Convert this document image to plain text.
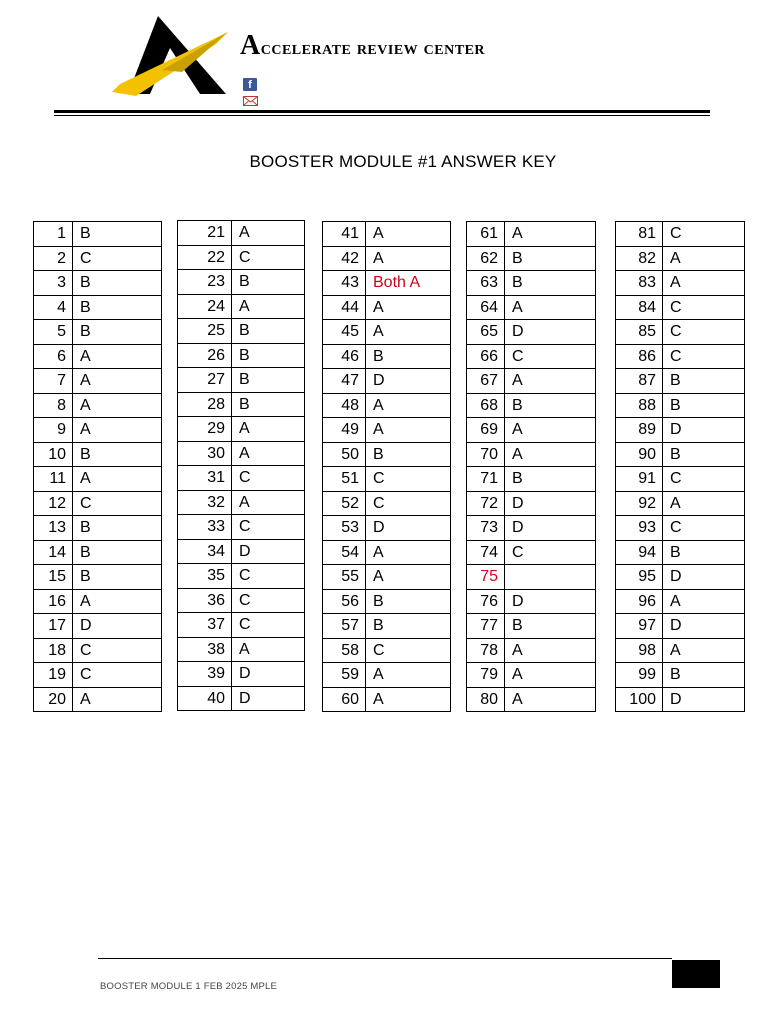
Accelerate review center
f
BOOSTER MODULE #1 ANSWER KEY
1	B
2	C
3	B
4	B
5	B
6	A
7	A
8	A
9	A
10	B
11	A
12	C
13	B
14	B
15	B
16	A
17	D
18	C
19	C
20	A
21	A
22	C
23	B
24	A
25	B
26	B
27	B
28	B
29	A
30	A
31	C
32	A
33	C
34	D
35	C
36	C
37	C
38	A
39	D
40	D
41	A
42	A
43	Both A
44	A
45	A
46	B
47	D
48	A
49	A
50	B
51	C
52	C
53	D
54	A
55	A
56	B
57	B
58	C
59	A
60	A
61	A
62	B
63	B
64	A
65	D
66	C
67	A
68	B
69	A
70	A
71	B
72	D
73	D
74	C
75	
76	D
77	B
78	A
79	A
80	A
81	C
82	A
83	A
84	C
85	C
86	C
87	B
88	B
89	D
90	B
91	C
92	A
93	C
94	B
95	D
96	A
97	D
98	A
99	B
100	D
BOOSTER MODULE 1 FEB 2025 MPLE
